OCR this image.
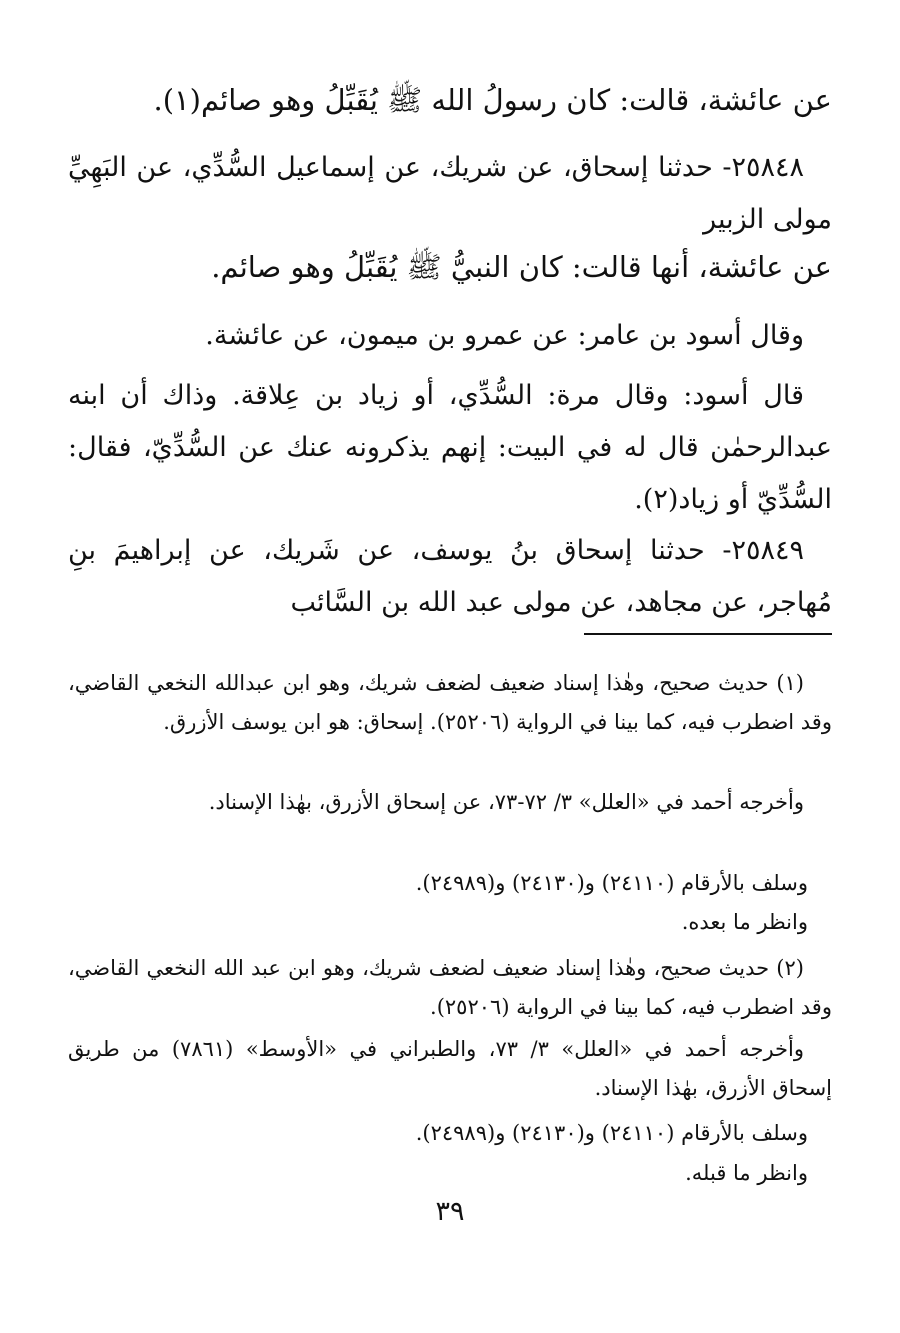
عن عائشة، قالت: كان رسولُ الله ﷺ يُقَبِّلُ وهو صائم(١).
٢٥٨٤٨- حدثنا إسحاق، عن شريك، عن إسماعيل السُّدِّي، عن البَهِيِّ مولى الزبير
عن عائشة، أنها قالت: كان النبيُّ ﷺ يُقَبِّلُ وهو صائم.
وقال أسود بن عامر: عن عمرو بن ميمون، عن عائشة.
قال أسود: وقال مرة: السُّدِّي، أو زياد بن عِلاقة. وذاك أن ابنه عبدالرحمٰن قال له في البيت: إنهم يذكرونه عنك عن السُّدِّيّ، فقال: السُّدِّيّ أو زياد(٢).
٢٥٨٤٩- حدثنا إسحاق بنُ يوسف، عن شَريك، عن إبراهيمَ بنِ مُهاجر، عن مجاهد، عن مولى عبد الله بن السَّائب
(١) حديث صحيح، وهٰذا إسناد ضعيف لضعف شريك، وهو ابن عبدالله النخعي القاضي، وقد اضطرب فيه، كما بينا في الرواية (٢٥٢٠٦). إسحاق: هو ابن يوسف الأزرق.
وأخرجه أحمد في «العلل» ٣/ ٧٢-٧٣، عن إسحاق الأزرق، بهٰذا الإسناد.
وسلف بالأرقام (٢٤١١٠) و(٢٤١٣٠) و(٢٤٩٨٩).
وانظر ما بعده.
(٢) حديث صحيح، وهٰذا إسناد ضعيف لضعف شريك، وهو ابن عبد الله النخعي القاضي، وقد اضطرب فيه، كما بينا في الرواية (٢٥٢٠٦).
وأخرجه أحمد في «العلل» ٣/ ٧٣، والطبراني في «الأوسط» (٧٨٦١) من طريق إسحاق الأزرق، بهٰذا الإسناد.
وسلف بالأرقام (٢٤١١٠) و(٢٤١٣٠) و(٢٤٩٨٩).
وانظر ما قبله.
٣٩
